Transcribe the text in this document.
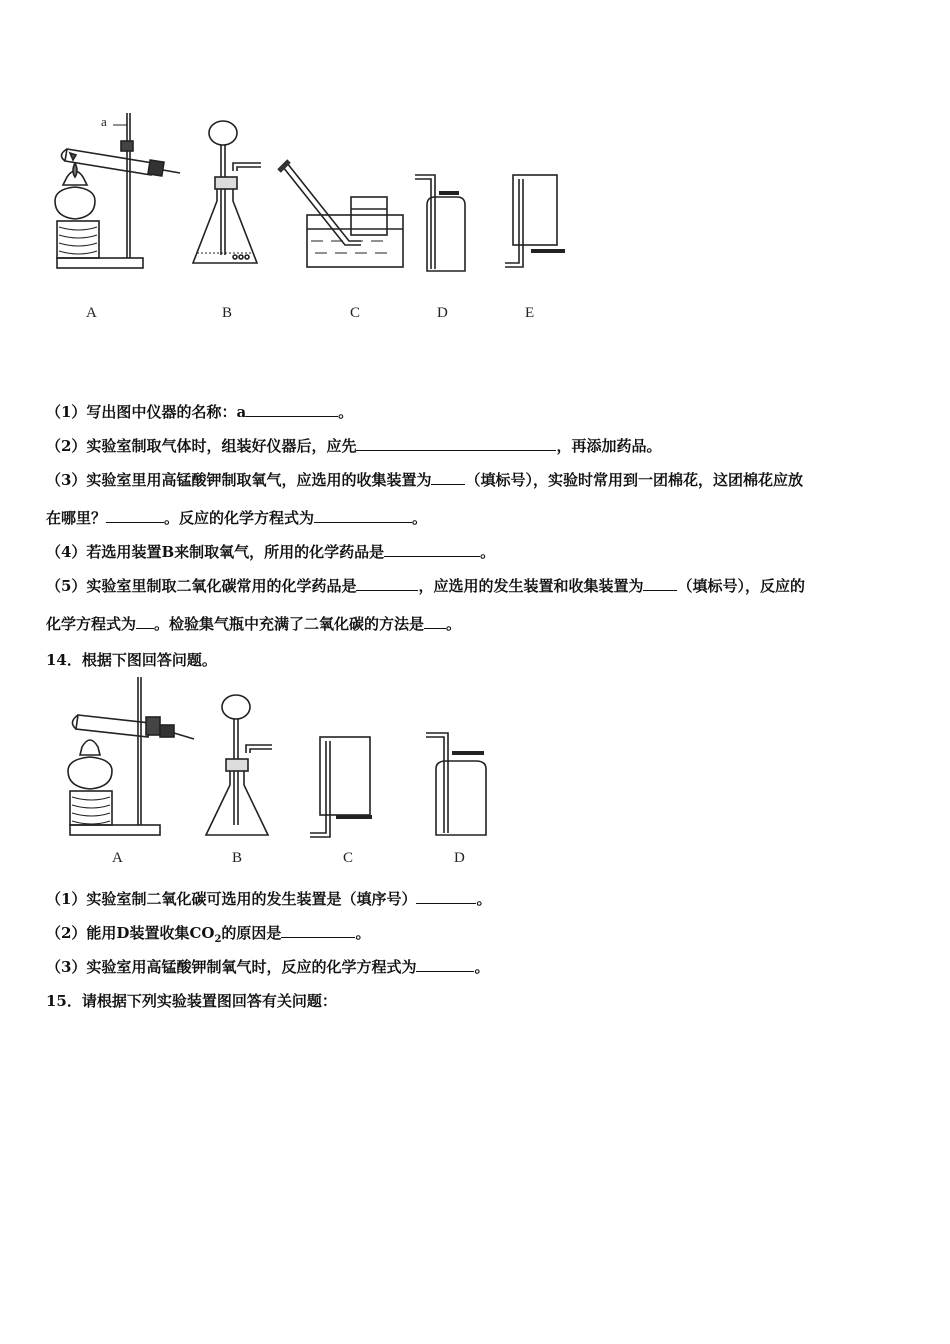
A	B	C	D	E
a
（1）写出图中仪器的名称：a	。
（2）实验室制取气体时，组装好仪器后，应先	，再添加药品。
（3）实验室里用高锰酸钾制取氧气，应选用的收集装置为 （填标号），实验时常用到一团棉花，这团棉花应放
在哪里？	。反应的化学方程式为	。
（4）若选用装置B来制取氧气，所用的化学药品是	。
（5）实验室里制取二氧化碳常用的化学药品是	，应选用的发生装置和收集装置为 （填标号），反应的
化学方程式为 。检验集气瓶中充满了二氧化碳的方法是 。
14．根据下图回答问题。
A	B	C	D
（1）实验室制二氧化碳可选用的发生装置是（填序号）	。
（2）能用D装置收集$CO_2$的原因是	。
（3）实验室用高锰酸钾制氧气时，反应的化学方程式为	。
15．请根据下列实验装置图回答有关问题：
